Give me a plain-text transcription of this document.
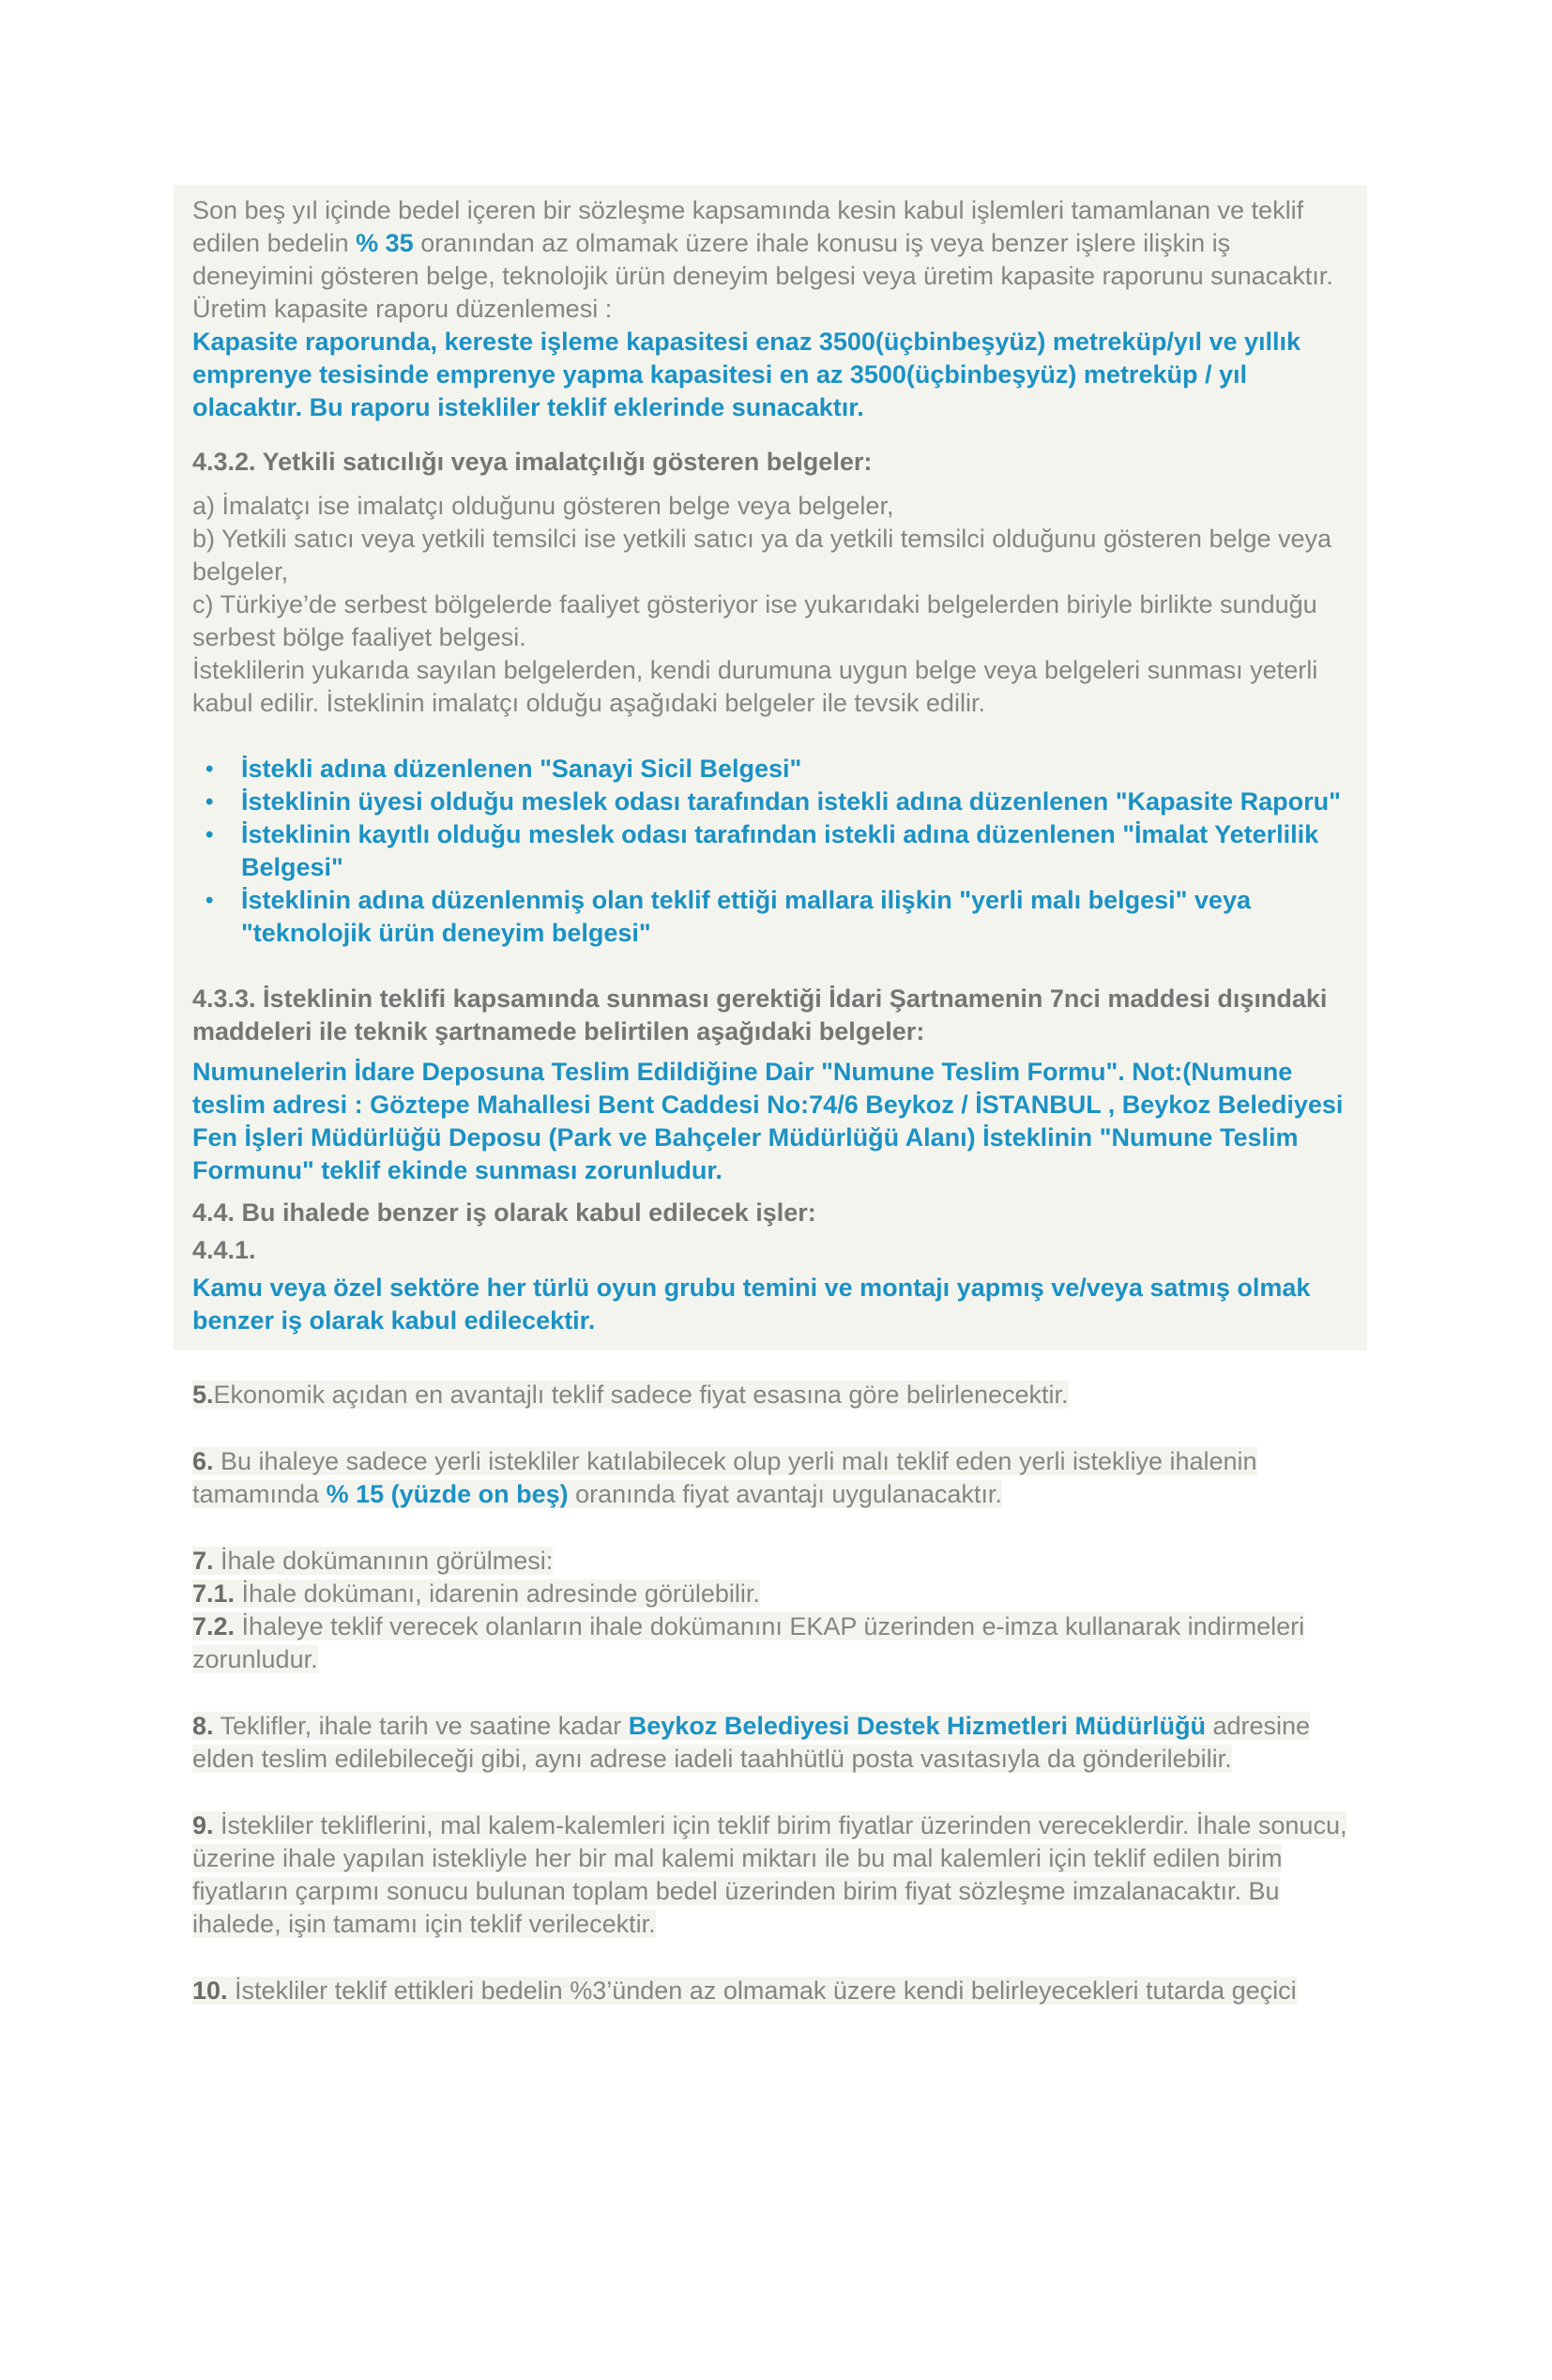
Son beş yıl içinde bedel içeren bir sözleşme kapsamında kesin kabul işlemleri tamamlanan ve teklif edilen bedelin % 35 oranından az olmamak üzere ihale konusu iş veya benzer işlere ilişkin iş deneyimini gösteren belge, teknolojik ürün deneyim belgesi veya üretim kapasite raporunu sunacaktır.

Üretim kapasite raporu düzenlemesi :

Kapasite raporunda, kereste işleme kapasitesi enaz 3500(üçbinbeşyüz) metreküp/yıl ve yıllık emprenye tesisinde emprenye yapma kapasitesi en az 3500(üçbinbeşyüz) metreküp / yıl olacaktır. Bu raporu istekliler teklif eklerinde sunacaktır.

4.3.2. Yetkili satıcılığı veya imalatçılığı gösteren belgeler:

a) İmalatçı ise imalatçı olduğunu gösteren belge veya belgeler,
b) Yetkili satıcı veya yetkili temsilci ise yetkili satıcı ya da yetkili temsilci olduğunu gösteren belge veya belgeler,
c) Türkiye’de serbest bölgelerde faaliyet gösteriyor ise yukarıdaki belgelerden biriyle birlikte sunduğu serbest bölge faaliyet belgesi.
İsteklilerin yukarıda sayılan belgelerden, kendi durumuna uygun belge veya belgeleri sunması yeterli kabul edilir. İsteklinin imalatçı olduğu aşağıdaki belgeler ile tevsik edilir.

• İstekli adına düzenlenen "Sanayi Sicil Belgesi"
• İsteklinin üyesi olduğu meslek odası tarafından istekli adına düzenlenen "Kapasite Raporu"
• İsteklinin kayıtlı olduğu meslek odası tarafından istekli adına düzenlenen "İmalat Yeterlilik Belgesi"
• İsteklinin adına düzenlenmiş olan teklif ettiği mallara ilişkin "yerli malı belgesi" veya "teknolojik ürün deneyim belgesi"
4.3.3. İsteklinin teklifi kapsamında sunması gerektiği İdari Şartnamenin 7nci maddesi dışındaki maddeleri ile teknik şartnamede belirtilen aşağıdaki belgeler:

Numunelerin İdare Deposuna Teslim Edildiğine Dair "Numune Teslim Formu". Not:(Numune teslim adresi : Göztepe Mahallesi Bent Caddesi No:74/6 Beykoz / İSTANBUL , Beykoz Belediyesi Fen İşleri Müdürlüğü Deposu (Park ve Bahçeler Müdürlüğü Alanı) İsteklinin "Numune Teslim Formunu" teklif ekinde sunması zorunludur.

4.4. Bu ihalede benzer iş olarak kabul edilecek işler:
4.4.1.

Kamu veya özel sektöre her türlü oyun grubu temini ve montajı yapmış ve/veya satmış olmak benzer iş olarak kabul edilecektir.

5.Ekonomik açıdan en avantajlı teklif sadece fiyat esasına göre belirlenecektir.

6. Bu ihaleye sadece yerli istekliler katılabilecek olup yerli malı teklif eden yerli istekliye ihalenin tamamında % 15 (yüzde on beş) oranında fiyat avantajı uygulanacaktır.

7. İhale dokümanının görülmesi:

7.1. İhale dokümanı, idarenin adresinde görülebilir.

7.2. İhaleye teklif verecek olanların ihale dokümanını EKAP üzerinden e-imza kullanarak indirmeleri zorunludur.

8. Teklifler, ihale tarih ve saatine kadar Beykoz Belediyesi Destek Hizmetleri Müdürlüğü adresine elden teslim edilebileceği gibi, aynı adrese iadeli taahhütlü posta vasıtasıyla da gönderilebilir.

9. İstekliler tekliflerini, mal kalem-kalemleri için teklif birim fiyatlar üzerinden vereceklerdir. İhale sonucu, üzerine ihale yapılan istekliyle her bir mal kalemi miktarı ile bu mal kalemleri için teklif edilen birim fiyatların çarpımı sonucu bulunan toplam bedel üzerinden birim fiyat sözleşme imzalanacaktır. Bu ihalede, işin tamamı için teklif verilecektir.

10. İstekliler teklif ettikleri bedelin %3’ünden az olmamak üzere kendi belirleyecekleri tutarda geçici
